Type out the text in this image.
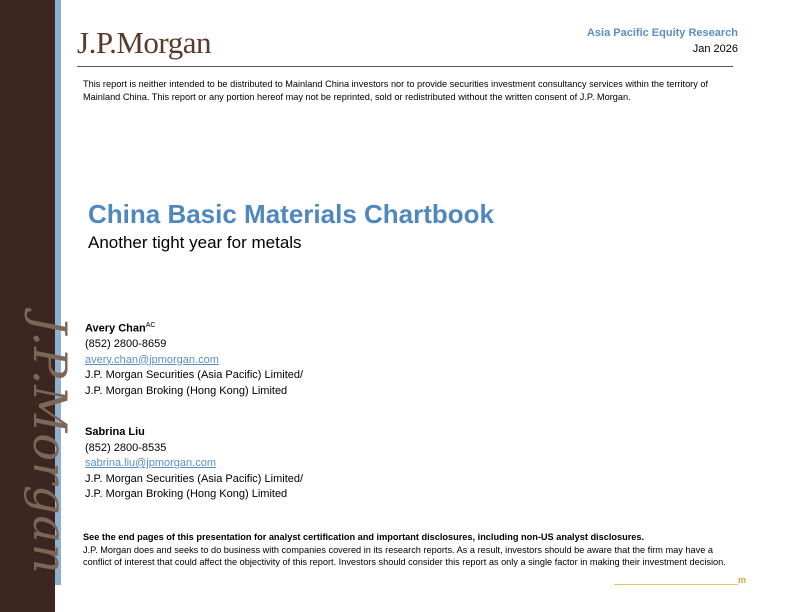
J.P.Morgan
J.P.Morgan	Asia Pacific Equity Research
Jan 2026
This report is neither intended to be distributed to Mainland China investors nor to provide securities investment consultancy services within the territory of Mainland China. This report or any portion hereof may not be reprinted, sold or redistributed without the written consent of J.P. Morgan.
China Basic Materials Chartbook
Another tight year for metals
Avery Chan$^{AC}$
(852) 2800-8659
avery.chan@jpmorgan.com
J.P. Morgan Securities (Asia Pacific) Limited/
J.P. Morgan Broking (Hong Kong) Limited
Sabrina Liu
(852) 2800-8535
sabrina.liu@jpmorgan.com
J.P. Morgan Securities (Asia Pacific) Limited/
J.P. Morgan Broking (Hong Kong) Limited
See the end pages of this presentation for analyst certification and important disclosures, including non-US analyst disclosures.
J.P. Morgan does and seeks to do business with companies covered in its research reports. As a result, investors should be aware that the firm may have a conflict of interest that could affect the objectivity of this report. Investors should consider this report as only a single factor in making their investment decision.
m
